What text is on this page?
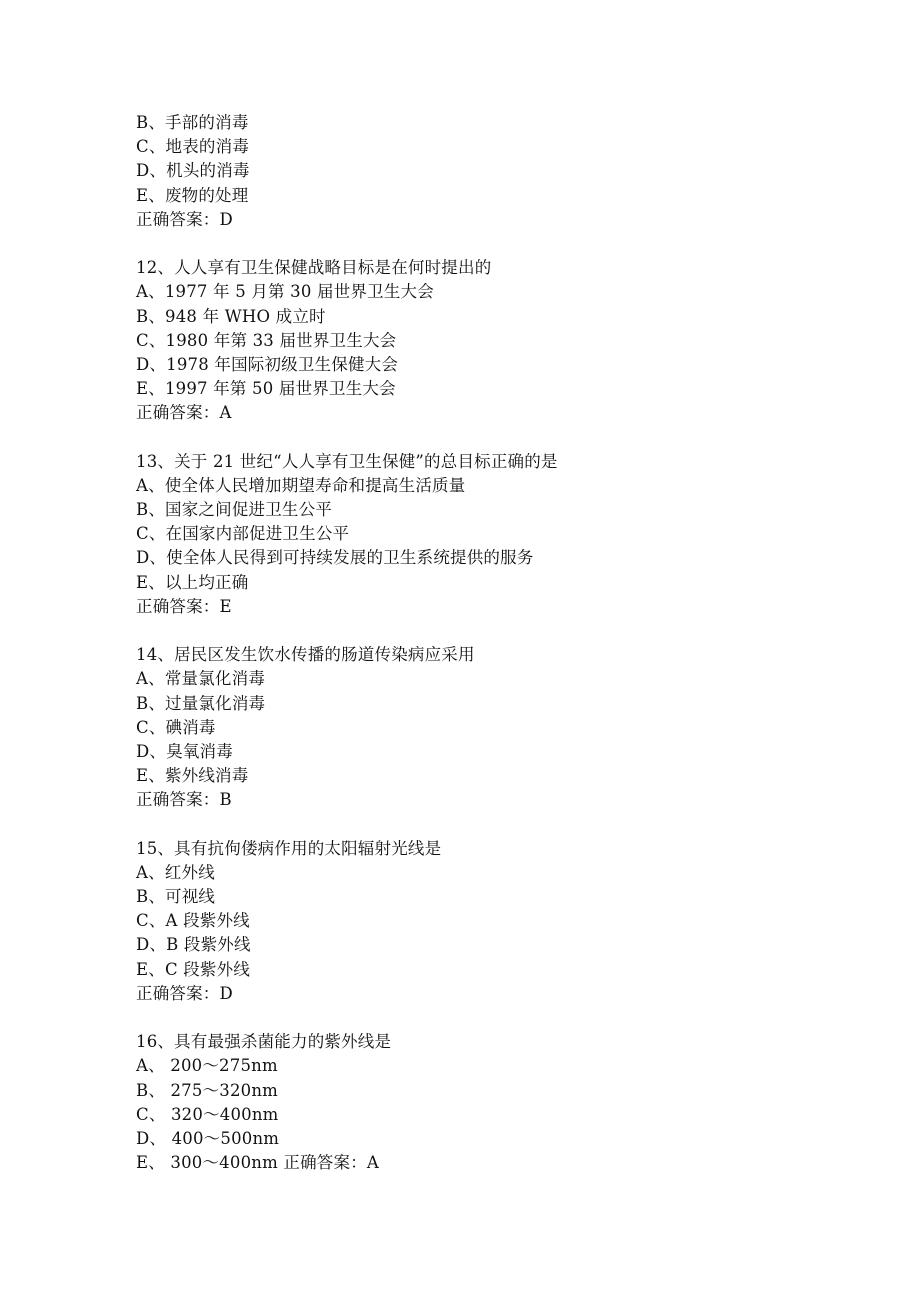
B、手部的消毒
C、地表的消毒
D、机头的消毒
E、废物的处理
正确答案：D
12、人人享有卫生保健战略目标是在何时提出的
A、1977 年 5 月第 30 届世界卫生大会
B、948 年 WHO 成立时
C、1980 年第 33 届世界卫生大会
D、1978 年国际初级卫生保健大会
E、1997 年第 50 届世界卫生大会
正确答案：A
13、关于 21 世纪“人人享有卫生保健”的总目标正确的是
A、使全体人民增加期望寿命和提高生活质量
B、国家之间促进卫生公平
C、在国家内部促进卫生公平
D、使全体人民得到可持续发展的卫生系统提供的服务
E、以上均正确
正确答案：E
14、居民区发生饮水传播的肠道传染病应采用
A、常量氯化消毒
B、过量氯化消毒
C、碘消毒
D、臭氧消毒
E、紫外线消毒
正确答案：B
15、具有抗佝偻病作用的太阳辐射光线是
A、红外线
B、可视线
C、A 段紫外线
D、B 段紫外线
E、C 段紫外线
正确答案：D
16、具有最强杀菌能力的紫外线是
A、 200～275nm
B、 275～320nm
C、 320～400nm
D、 400～500nm
E、 300～400nm 正确答案：A
